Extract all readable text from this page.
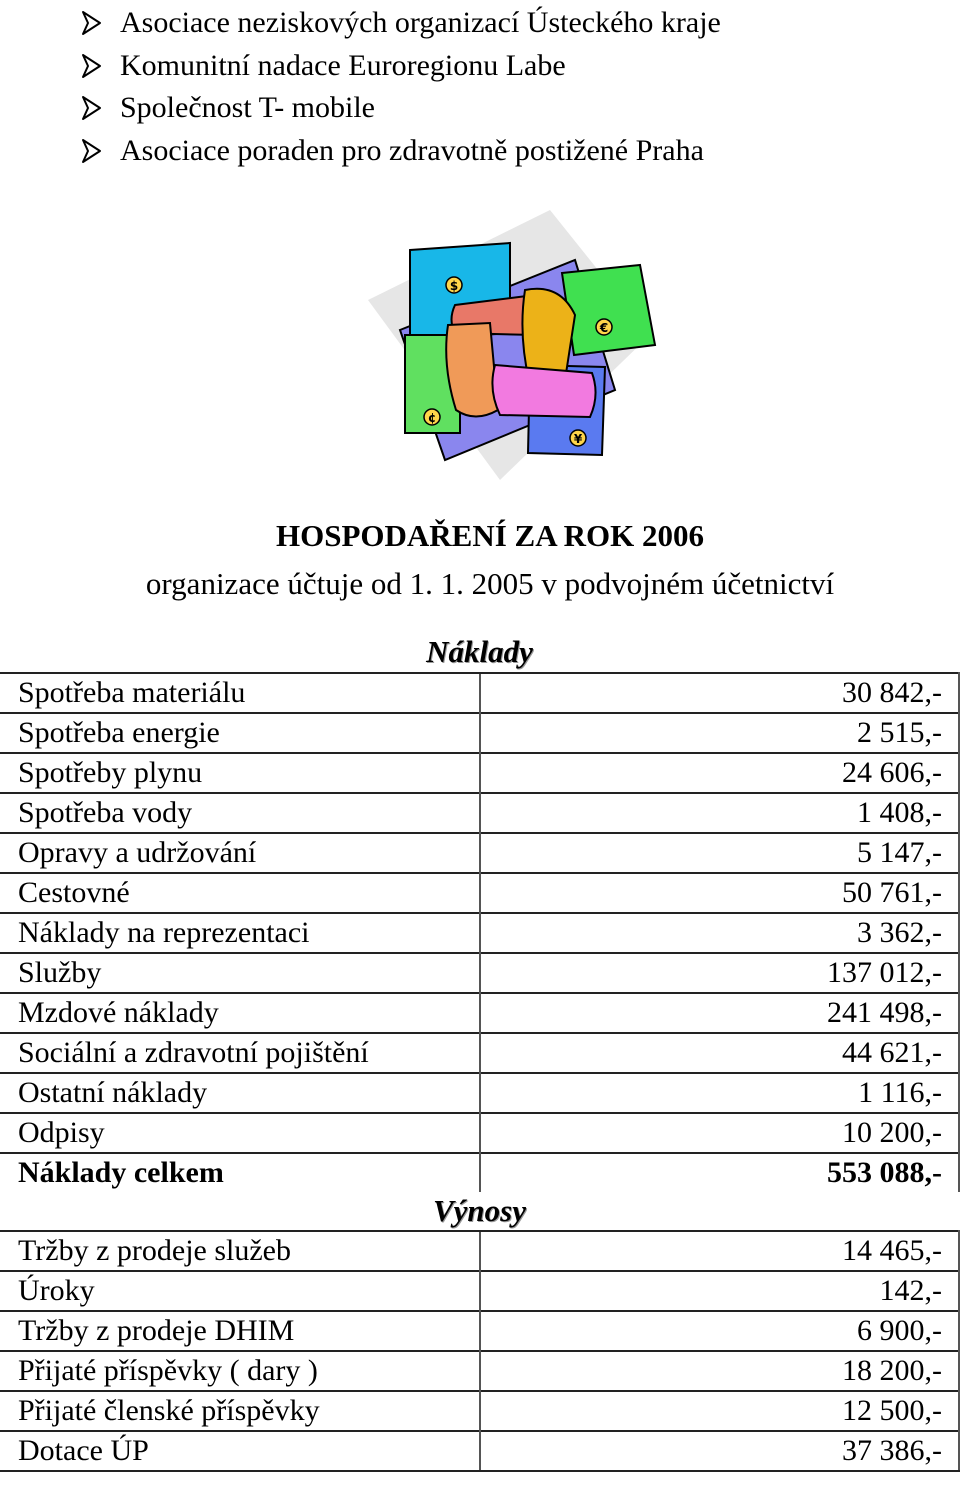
Asociace neziskových organizací Ústeckého kraje
Komunitní nadace Euroregionu Labe
Společnost T- mobile
Asociace poraden pro zdravotně postižené Praha
$
€
¥
¢
HOSPODAŘENÍ ZA ROK 2006
organizace účtuje od 1. 1. 2005 v podvojném účetnictví
Náklady	
Spotřeba materiálu	30 842,-
Spotřeba energie	2 515,-
Spotřeby plynu	24 606,-
Spotřeba vody	1 408,-
Opravy a udržování	5 147,-
Cestovné	50 761,-
Náklady na reprezentaci	3 362,-
Služby	137 012,-
Mzdové náklady	241 498,-
Sociální a zdravotní pojištění	44 621,-
Ostatní náklady	1 116,-
Odpisy	10 200,-
Náklady celkem	553 088,-
Výnosy	
Tržby z prodeje služeb	14 465,-
Úroky	142,-
Tržby z prodeje DHIM	6 900,-
Přijaté příspěvky ( dary )	18 200,-
Přijaté členské příspěvky	12 500,-
Dotace ÚP	37 386,-
